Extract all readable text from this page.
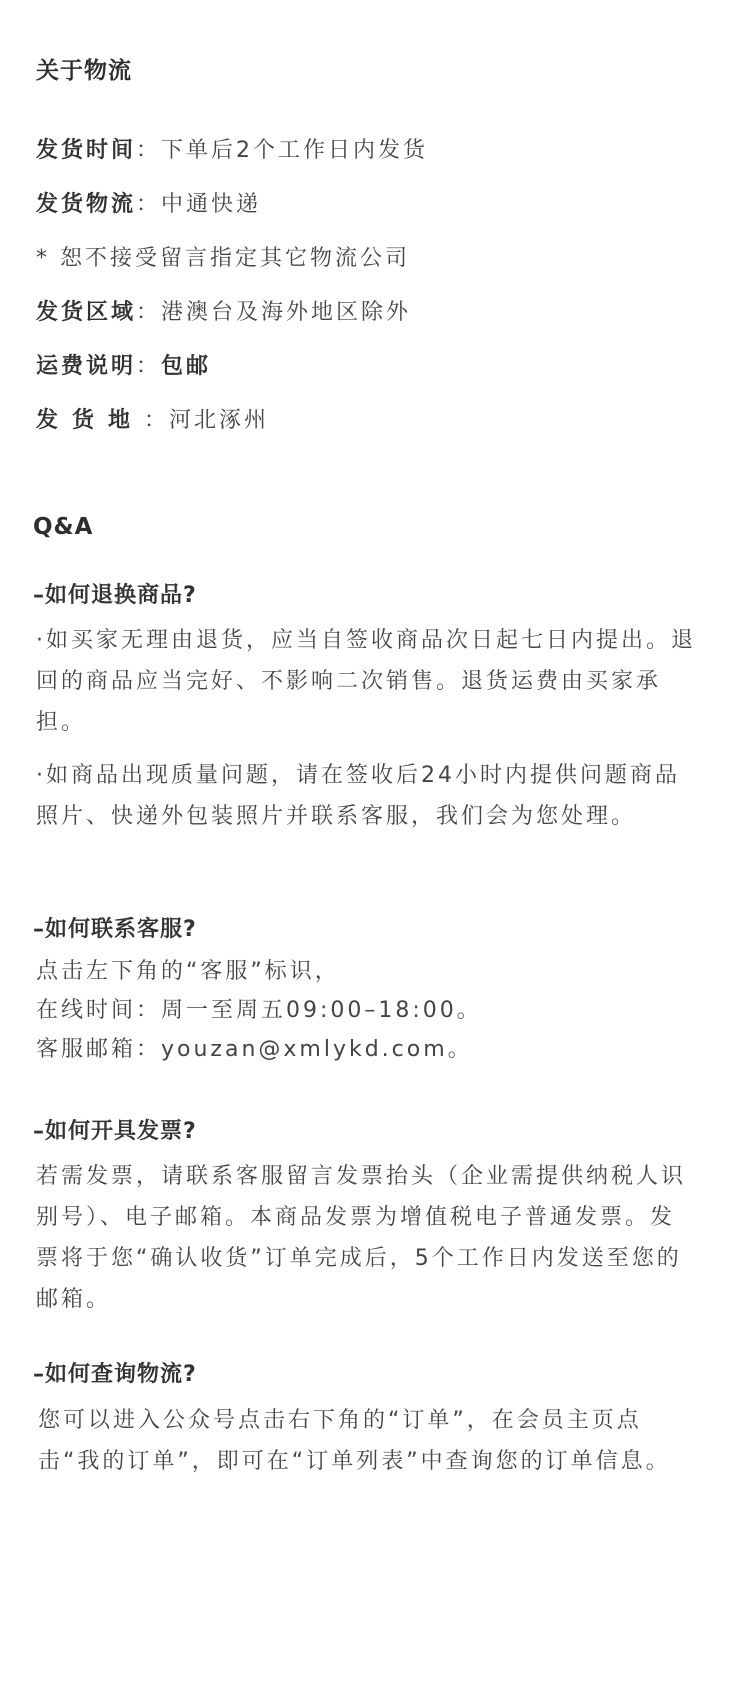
关于物流
发货时间：下单后2个工作日内发货
发货物流：中通快递
* 恕不接受留言指定其它物流公司
发货区域：港澳台及海外地区除外
运费说明：包邮
发货地：河北涿州
Q&A
–如何退换商品?

·如买家无理由退货，应当自签收商品次日起七日内提出。退回的商品应当完好、不影响二次销售。退货运费由买家承担。

·如商品出现质量问题，请在签收后24小时内提供问题商品照片、快递外包装照片并联系客服，我们会为您处理。

–如何联系客服?

点击左下角的“客服”标识，

在线时间：周一至周五09:00–18:00。

客服邮箱：youzan@xmlykd.com。

–如何开具发票?

若需发票，请联系客服留言发票抬头（企业需提供纳税人识别号）、电子邮箱。本商品发票为增值税电子普通发票。发票将于您“确认收货”订单完成后，5个工作日内发送至您的邮箱。

–如何查询物流?

您可以进入公众号点击右下角的“订单”，在会员主页点击“我的订单”，即可在“订单列表”中查询您的订单信息。
